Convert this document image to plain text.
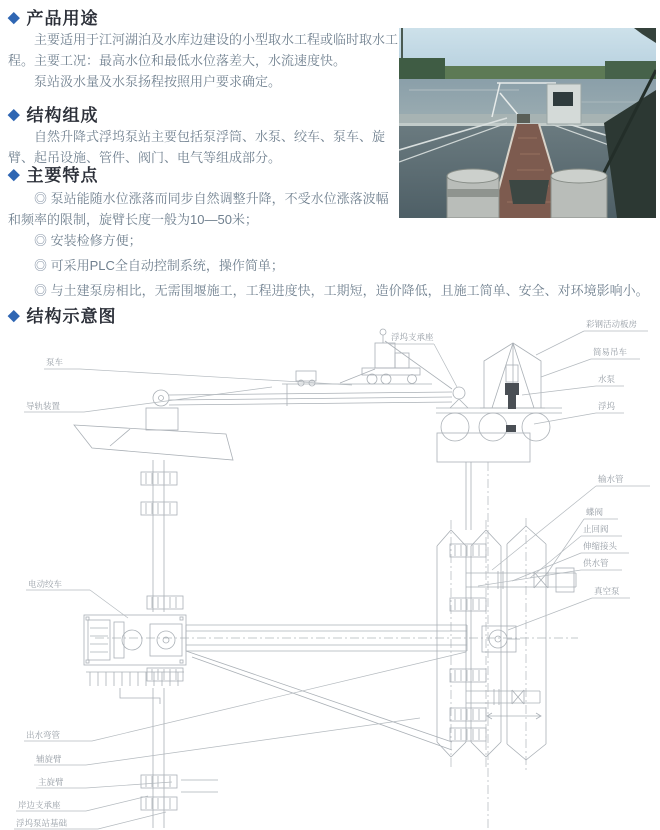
◆ 产品用途

主要适用于江河湖泊及水库边建设的小型取水工程或临时取水工程。主要工况：最高水位和最低水位落差大，水流速度快。

泵站汲水量及水泵扬程按照用户要求确定。

◆ 结构组成

自然升降式浮坞泵站主要包括泵浮筒、水泵、绞车、泵车、旋臂、起吊设施、管件、阀门、电气等组成部分。

◆ 主要特点

◎ 泵站能随水位涨落而同步自然调整升降，不受水位涨落波幅和频率的限制，旋臂长度一般为10—50米；

◎ 安装检修方便；

◎ 可采用PLC全自动控制系统，操作简单；

◎ 与土建泵房相比，无需围堰施工，工程进度快，工期短，造价降低，且施工简单、安全、对环境影响小。

◆ 结构示意图
泵车
导轨装置
浮坞支承座
彩钢活动板房
简易吊车
水泵
浮坞
电动绞车
输水管
蝶阀
止回阀
伸缩接头
供水管
真空泵
出水弯管
辅旋臂
主旋臂
岸边支承座
浮坞泵站基础
